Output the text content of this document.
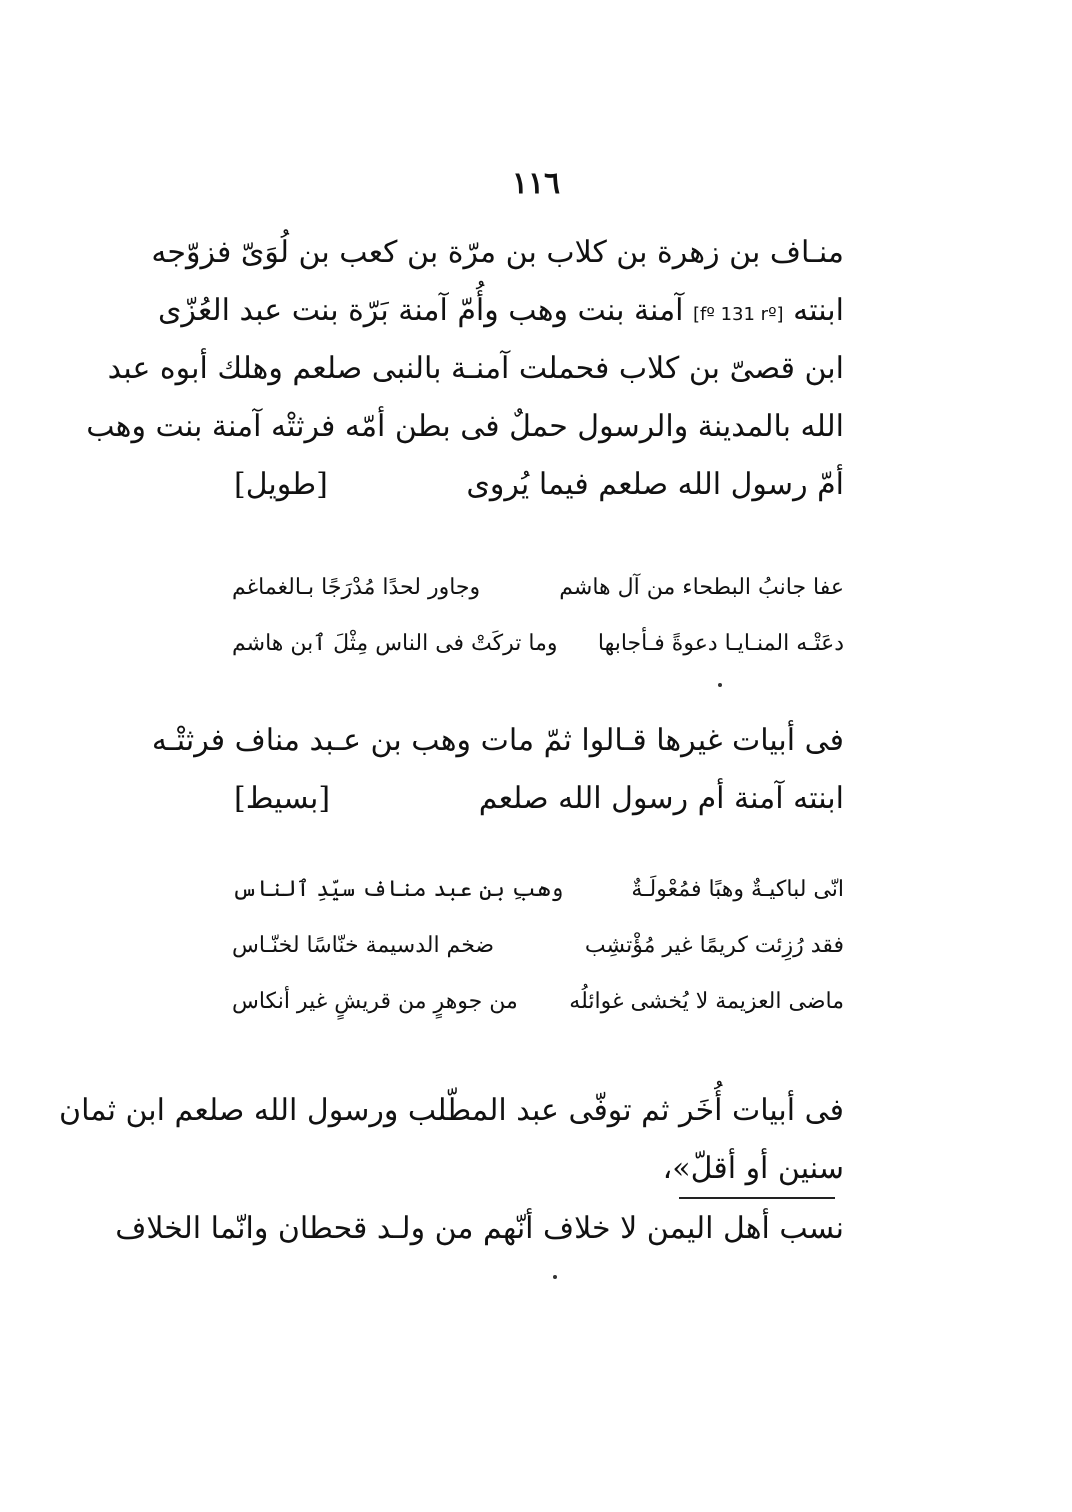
١١٦
منـاف بن زهرة بن كلاب بن مرّة بن كعب بن لُوَىّ فزوّجه
ابنته [fº 131 rº] آمنة بنت وهب وأُمّ آمنة بَرّة بنت عبد العُزّى
ابن قصىّ بن كلاب فحملت آمنـة بالنبى صلعم وهلك أبوه عبد
الله بالمدينة والرسول حملٌ فى بطن أمّه فرثتْه آمنة بنت وهب
أمّ رسول الله صلعم فيما يُروى
[طويل]
عفا جانبُ البطحاء من آل هاشم
وجاور لحدًا مُدْرَجًا بـالغماغم
دعَتْـه المنـايـا دعوةً فـأجابها
وما تركَتْ فى الناس مِثْلَ ٱبن هاشم
فى أبيات غيرها قـالوا ثمّ مات وهب بن عـبد مناف فرثتْـه
ابنته آمنة أم رسول الله صلعم
[بسيط]
انّى لباكيـةٌ وهبًا فمُعْولَـةٌ
وهبِ بن عبد مناف سيّدِ ٱلناس
فقد رُزِئت كريمًا غير مُؤْتشِب
ضخم الدسيمة خنّاسًا لخنّـاس
ماضى العزيمة لا يُخشى غوائلُه
من جوهرٍ من قريشٍ غير أنكاس
فى أبيات أُخَر ثم توفّى عبد المطّلب ورسول الله صلعم ابن ثمان
سنين أو أقلّ»،
نسب أهل اليمن لا خلاف أنّهم من ولـد قحطان وانّما الخلاف
